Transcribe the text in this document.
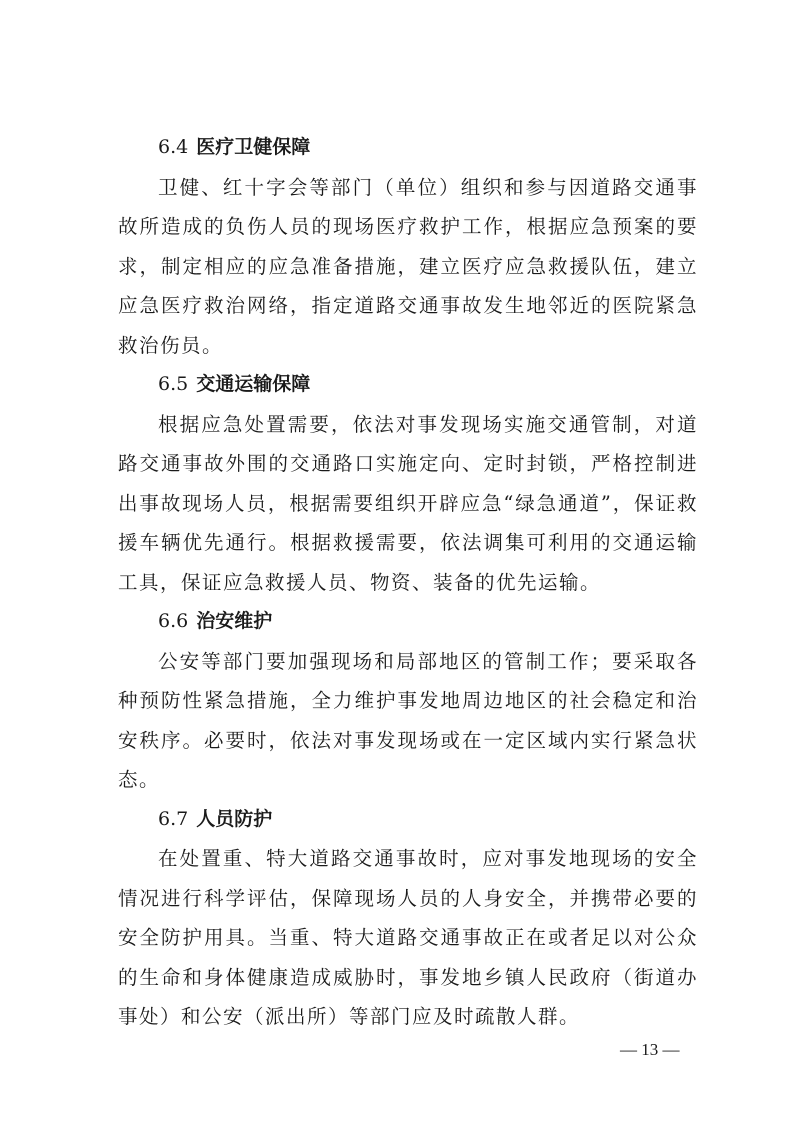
6.4 医疗卫健保障

卫健、红十字会等部门（单位）组织和参与因道路交通事故所造成的负伤人员的现场医疗救护工作，根据应急预案的要求，制定相应的应急准备措施，建立医疗应急救援队伍，建立应急医疗救治网络，指定道路交通事故发生地邻近的医院紧急救治伤员。

6.5 交通运输保障

根据应急处置需要，依法对事发现场实施交通管制，对道路交通事故外围的交通路口实施定向、定时封锁，严格控制进出事故现场人员，根据需要组织开辟应急“绿急通道”，保证救援车辆优先通行。根据救援需要，依法调集可利用的交通运输工具，保证应急救援人员、物资、装备的优先运输。

6.6 治安维护

公安等部门要加强现场和局部地区的管制工作；要采取各种预防性紧急措施，全力维护事发地周边地区的社会稳定和治安秩序。必要时，依法对事发现场或在一定区域内实行紧急状态。

6.7 人员防护

在处置重、特大道路交通事故时，应对事发地现场的安全情况进行科学评估，保障现场人员的人身安全，并携带必要的安全防护用具。当重、特大道路交通事故正在或者足以对公众的生命和身体健康造成威胁时，事发地乡镇人民政府（街道办事处）和公安（派出所）等部门应及时疏散人群。

— 13 —
